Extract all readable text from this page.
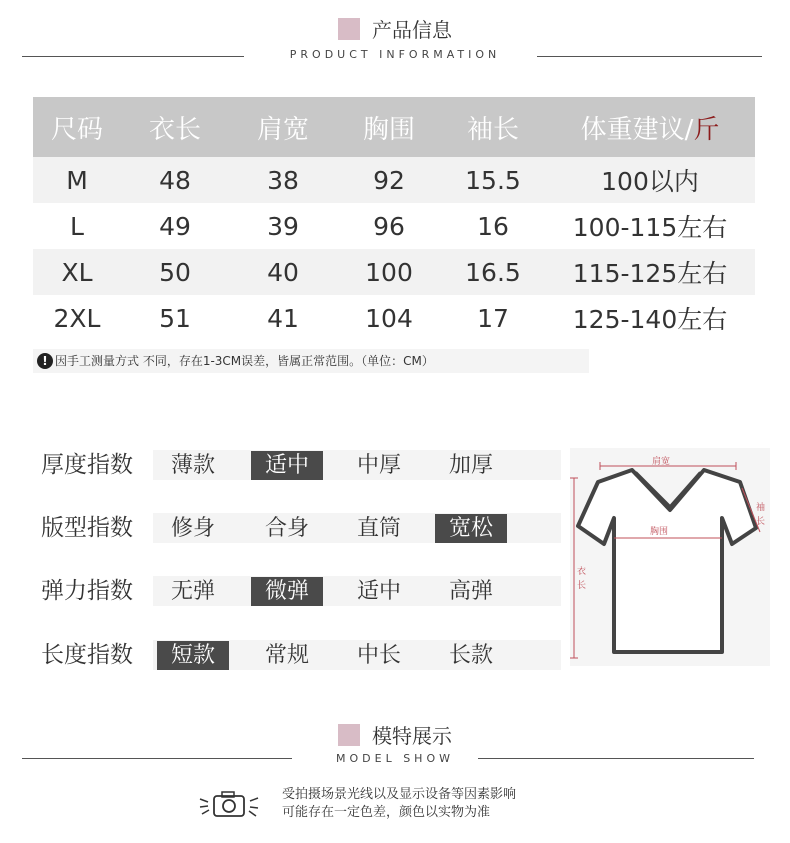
产品信息
PRODUCT INFORMATION
尺码	衣长	肩宽	胸围	袖长	体重建议/斤
M	48	38	92	15.5	100以内
L	49	39	96	16	100-115左右
XL	50	40	100	16.5	115-125左右
2XL	51	41	104	17	125-140左右
! 因手工测量方式 不同，存在1-3CM误差，皆属正常范围。（单位：CM）
厚度指数	薄款	适中	中厚	加厚
版型指数	修身	合身	直筒	宽松
弹力指数	无弹	微弹	适中	高弹
长度指数	短款	常规	中长	长款
肩宽
胸围
袖
长
衣
长
模特展示
MODEL SHOW
受拍摄场景光线以及显示设备等因素影响
可能存在一定色差，颜色以实物为准
